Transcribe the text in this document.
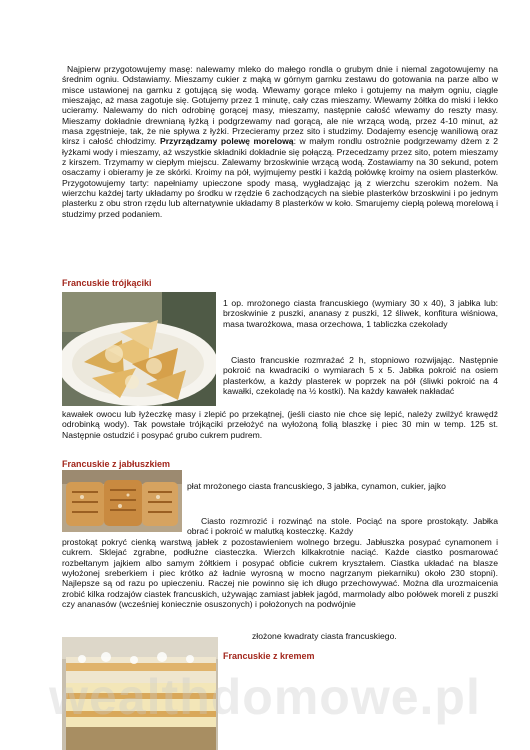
Najpierw przygotowujemy masę: nalewamy mleko do małego rondla o grubym dnie i niemal zagotowujemy na średnim ogniu. Odstawiamy. Mieszamy cukier z mąką w górnym garnku zestawu do gotowania na parze albo w misce ustawionej na garnku z gotującą się wodą. Wlewamy gorące mleko i gotujemy na małym ogniu, ciągle mieszając, aż masa zagotuje się. Gotujemy przez 1 minutę, cały czas mieszamy. Wlewamy żółtka do miski i lekko ucieramy. Nalewamy do nich odrobinę gorącej masy, mieszamy, następnie całość wlewamy do reszty masy. Mieszamy dokładnie drewnianą łyżką i podgrzewamy nad gorącą, ale nie wrzącą wodą, przez 4-10 minut, aż masa zgęstnieje, tak, że nie spływa z łyżki. Przecieramy przez sito i studzimy. Dodajemy esencję waniliową oraz kirsz i całość chłodzimy. Przyrządzamy polewę morelową: w małym rondlu ostrożnie podgrzewamy dżem z 2 łyżkami wody i mieszamy, aż wszystkie składniki dokładnie się połączą. Przecedzamy przez sito, potem mieszamy z kirszem. Trzymamy w ciepłym miejscu. Zalewamy brzoskwinie wrzącą wodą. Zostawiamy na 30 sekund, potem osaczamy i obieramy je ze skórki. Kroimy na pół, wyjmujemy pestki i każdą połówkę kroimy na osiem plasterków. Przygotowujemy tarty: napełniamy upieczone spody masą, wygładzając ją z wierzchu szerokim nożem. Na wierzchu każdej tarty układamy po środku w rzędzie 6 zachodzących na siebie plasterków brzoskwini i po jednym plasterku z obu stron rzędu lub alternatywnie układamy 8 plasterków w koło. Smarujemy ciepłą polewą morelową i studzimy przed podaniem.

Francuskie trójkąciki

1 op. mrożonego ciasta francuskiego (wymiary 30 x 40), 3 jabłka lub: brzoskwinie z puszki, ananasy z puszki, 12 śliwek, konfitura wiśniowa, masa twarożkowa, masa orzechowa, 1 tabliczka czekolady

Ciasto francuskie rozmrażać 2 h, stopniowo rozwijając. Następnie pokroić na kwadraciki o wymiarach 5 x 5. Jabłka pokroić na osiem plasterków, a każdy plasterek w poprzek na pół (śliwki pokroić na 4 kawałki, czekoladę na ½ kostki). Na każdy kawałek nakładać

kawałek owocu lub łyżeczkę masy i zlepić po przekątnej, (jeśli ciasto nie chce się lepić, należy zwilżyć krawędź odrobinką wody). Tak powstałe trójkąciki przełożyć na wyłożoną folią blaszkę i piec 30 min w temp. 125 st. Następnie ostudzić i posypać grubo cukrem pudrem.

Francuskie z jabłuszkiem

płat mrożonego ciasta francuskiego, 3 jabłka, cynamon, cukier, jajko

Ciasto rozmrozić i rozwinąć na stole. Pociąć na spore prostokąty. Jabłka obrać i pokroić w malutką kosteczkę. Każdy

prostokąt pokryć cienką warstwą jabłek z pozostawieniem wolnego brzegu. Jabłuszka posypać cynamonem i cukrem. Sklejać zgrabne, podłużne ciasteczka. Wierzch kilkakrotnie naciąć. Każde ciastko posmarować rozbełtanym jajkiem albo samym żółtkiem i posypać obficie cukrem kryształem. Ciastka układać na blasze wyłożonej sreberkiem i piec krótko aż ładnie wyrosną w mocno nagrzanym piekarniku) około 230 stopni). Najlepsze są od razu po upieczeniu. Raczej nie powinno się ich długo przechowywać. Można dla urozmaicenia zrobić kilka rodzajów ciastek francuskich, używając zamiast jabłek jagód, marmolady albo połówek moreli z puszki czy ananasów (wcześniej koniecznie osuszonych) i położonych na podwójnie

złożone kwadraty ciasta francuskiego.

Francuskie z kremem

wealthdomowe.pl
